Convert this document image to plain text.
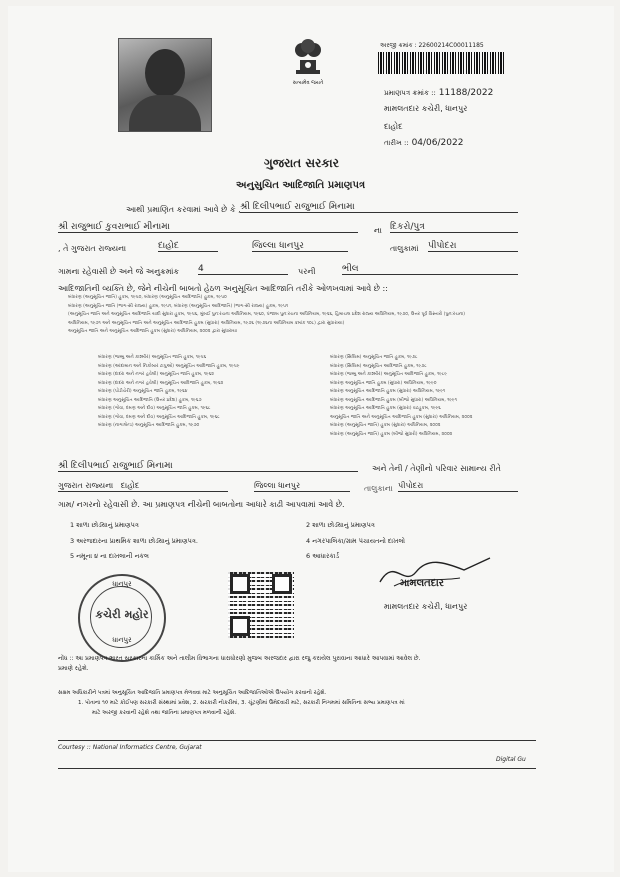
સત્યમેવ જયતે
અરજી ક્રમાંક : 22600214C00011185
પ્રમાણપત્ર ક્રમાંક :: 11188/2022
મામલતદાર કચેરી, ધાનપુર
દાહોદ
તારીખ :: 04/06/2022
ગુજરાત સરકાર
અનુસુચિત આદિજાતિ પ્રમાણપત્ર
આથી પ્રમાણિત કરવામાં આવે છે કે , શ્રી દિલીપભાઈ રાજુભાઈ મિનામા
શ્રી રાજુભાઈ કુવરાભાઈ મીનામા	ના દિકરો/પુત્ર
, તે ગુજરાત રાજ્યના	દાહોદ	જિલ્લા ધાનપુર	તાલુકામાં પીપોદરા
ગામના રહેવાસી છે અને જે અનુક્રમાંક 4	પરની	ભીલ
આદિજાતિની વ્યક્તિ છે, જેને નીચેની બાબતો હેઠળ અનુસૂચિત આદિજાતિ તરીકે ઓળખવામાં આવે છે ::
બંધારણ (અનુસૂચિત જાતિ) હુકમ, ૧૯૫૦, બંધારણ (અનુસૂચિત આદિજાતિ) હુકમ, ૧૯૫૦
બંધારણ (અનુસૂચિત જાતિ (ભાગ-સી રાજ્ય) હુકમ, ૧૯૫૧, બંધારણ (અનુસૂચિત આદિજાતિ) (ભાગ-સી રાજ્ય) હુકમ, ૧૯૫૧
(અનુસૂચિત જાતિ અને અનુસૂચિત આદિજાતિ યાદી સુધારા હુકમ, ૧૯૫૬, મુંબઈ પુનઃરચના અધિનિયમ, ૧૯૬૦, પંજાબ પુનઃરચના અધિનિયમ, ૧૯૬૬, હિમાચલ પ્રદેશ રાજ્ય અધિનિયમ, ૧૯૭૦, ઉત્તર પૂર્વ વિસ્તારો (પુનઃરચના)
અધિનિયમ, ૧૯૭૧ અને અનુસૂચિત જાતિ અને અનુસૂચિત આદિજાતિ હુકમ (સુધારા) અધિનિયમ, ૧૯૭૬ (૧૯૭૬ના અધિનિયમ ક્રમાંક ૧૦૮) દ્વારા સુધારાયા)
અનુસૂચિત જાતિ અને અનુસૂચિત આદિજાતિ હુકમ (સુધારા) અધિનિયમ, ૨૦૦૨ દ્વારા સુધારાયા
બંધારણ (જમ્મુ અને કાશ્મીર) અનુસૂચિત જાતિ હુકમ, ૧૯૫૬
બંધારણ (આંદામાન અને નિકોબાર ટાપુઓ) અનુસૂચિત આદિજાતિ હુકમ, ૧૯૫૯
બંધારણ (દાદરા અને નગર હવેલી) અનુસૂચિત જાતિ હુકમ, ૧૯૬૨
બંધારણ (દાદરા અને નગર હવેલી) અનુસૂચિત આદિજાતિ હુકમ, ૧૯૬૨
બંધારણ (પોંડીચેરી) અનુસૂચિત જાતિ હુકમ, ૧૯૬૪
બંધારણ અનુસૂચિત આદિજાતિ (ઉત્તર પ્રદેશ) હુકમ, ૧૯૬૭
બંધારણ (ગોવા, દમણ અને દીવ) અનુસૂચિત જાતિ હુકમ, ૧૯૬૮
બંધારણ (ગોવા, દમણ અને દીવ) અનુસૂચિત આદિજાતિ હુકમ, ૧૯૬૮
બંધારણ (નાગાલેન્ડ) અનુસૂચિત આદિજાતિ હુકમ, ૧૯૭૦
બંધારણ (સિક્કિમ) અનુસૂચિત જાતિ હુકમ, ૧૯૭૮
બંધારણ (સિક્કિમ) અનુસૂચિત આદિજાતિ હુકમ, ૧૯૭૮
બંધારણ (જમ્મુ અને કાશ્મીર) અનુસૂચિત આદિજાતિ હુકમ, ૧૯૮૯
બંધારણ અનુસૂચિત જાતિ હુકમ (સુધારા) અધિનિયમ, ૧૯૯૦
બંધારણ અનુસૂચિત આદિજાતિ હુકમ (સુધારા) અધિનિયમ, ૧૯૯૧
બંધારણ અનુસૂચિત આદિજાતિ હુકમ (બીજો સુધારા) અધિનિયમ, ૧૯૯૧
બંધારણ અનુસૂચિત આદિજાતિ હુકમ (સુધારા) વટહુકમ, ૧૯૯૬
અનુસૂચિત જાતિ અને અનુસૂચિત આદિજાતિ હુકમ (સુધારા) અધિનિયમ, ૨૦૦૨
બંધારણ (અનુસૂચિત જાતિ) હુકમ (સુધારા) અધિનિયમ, ૨૦૦૨
બંધારણ (અનુસૂચિત જાતિ) હુકમ (બીજો સુધારો) અધિનિયમ, ૨૦૦૨
શ્રી દિલીપભાઈ રાજુભાઈ મિનામા	અને તેની / તેણીનો પરિવાર સામાન્ય રીતે
ગુજરાત રાજ્યના દાહોદ	જિલ્લા ધાનપુર	તાલુકાના પીપોદરા
ગામ/ નગરનો રહેવાસી છે. આ પ્રમાણપત્ર નીચેની બાબતોના આધારે કાઢી આપવામાં આવે છે.
1 શાળા છોડ્યાનું પ્રમાણપત્ર	2 શાળા છોડ્યાનું પ્રમાણપત્ર
3 અરજદારના પ્રાથમિક શાળા છોડ્યાનું પ્રમાણપત્ર.	4 નગરપાલિકા/ગ્રામ પંચાયતનો દાખલો
5 નમૂના ૪ ના દાખલાની નકલ	6 આધારકાર્ડ
ધાનપુર
કચેરી મહોર
ધાનપુર
મામલતદાર
મામલતદાર કચેરી, ધાનપુર
નોંધ :: આ પ્રમાણપત્ર ભારત સરકારના કાર્મિક અને તાલીમ વિભાગના ધારાધોરણો મુજબ અરજદાર દ્વારા રજુ કરાયેલ પુરાવાના આધારે આપવામાં આવેલ છે.
પ્રમાણે રહેશે.
સક્ષમ અધિકારીને પત્રમાં અનુસૂચિત આદિજાતિ પ્રમાણપત્ર મેળવવા માટે અનુસૂચિત આદિજાતિઓએ ઉપયોગ કરવાનો રહેશે.
1. પોતાના ૧૦ માટે કોઈપણ સરકારી સંસ્થામાં પ્રવેશ, 2. સરકારી નોકરીમાં, 3. ચૂંટણીમાં ઉમેદવારી માટે, સરકારી નિગમમાં સમિતિના સભ્ય પ્રમાણપત્ર માં
માટે અરજી કરવાની રહેશે તથા જાતિના પ્રમાણપત્ર મળવાની રહેશે.
Courtesy :: National Informatics Centre, Gujarat
Digital Gu
